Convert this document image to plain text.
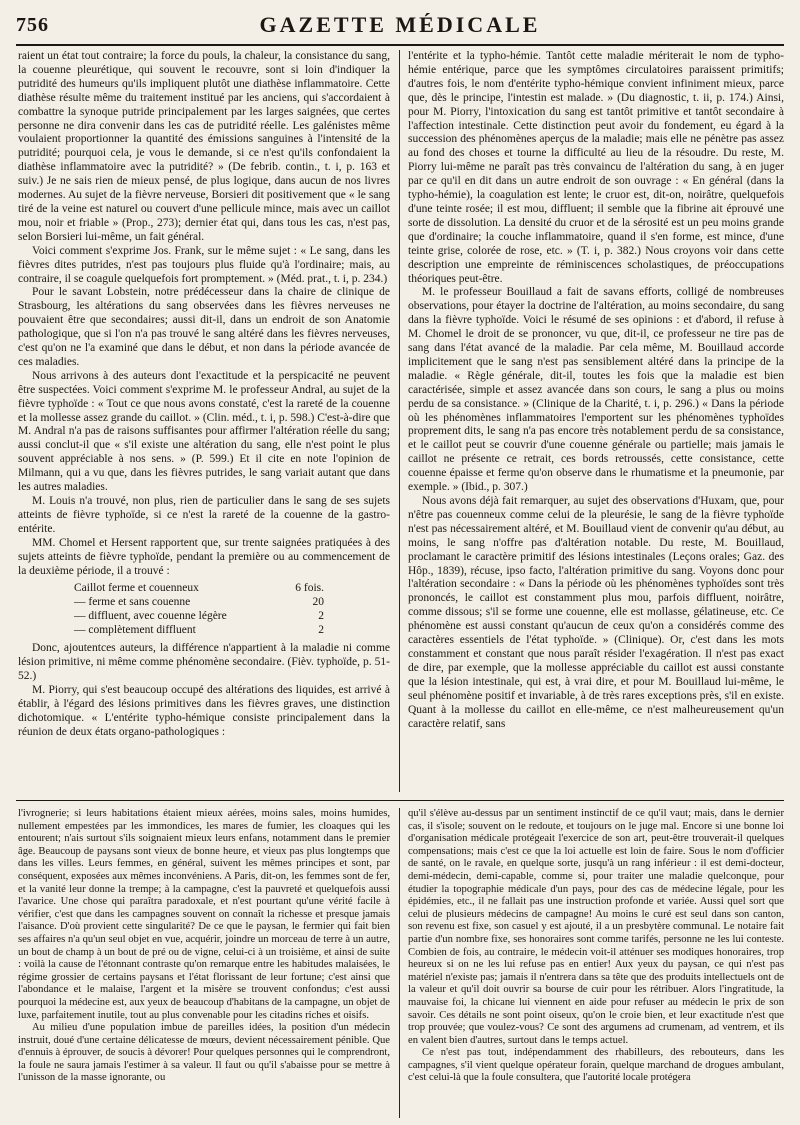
756	GAZETTE MÉDICALE

raient un état tout contraire; la force du pouls, la chaleur, la consistance du sang, la couenne pleurétique, qui souvent le recouvre, sont si loin d'indiquer la putridité des humeurs qu'ils impliquent plutôt une diathèse inflammatoire. Cette diathèse résulte même du traitement institué par les anciens, qui s'accordaient à combattre la synoque putride principalement par les larges saignées, que certes personne ne dira convenir dans les cas de putridité réelle. Les galénistes même voulaient proportionner la quantité des émissions sanguines à l'intensité de la putridité; pourquoi cela, je vous le demande, si ce n'est qu'ils confondaient la diathèse inflammatoire avec la putridité? » (De febrib. contin., t. i, p. 163 et suiv.) Je ne sais rien de mieux pensé, de plus logique, dans aucun de nos livres modernes. Au sujet de la fièvre nerveuse, Borsieri dit positivement que « le sang tiré de la veine est naturel ou couvert d'une pellicule mince, mais avec un caillot mou, noir et friable » (Prop., 273); dernier état qui, dans tous les cas, n'est pas, selon Borsieri lui-même, un fait général.

Voici comment s'exprime Jos. Frank, sur le même sujet : « Le sang, dans les fièvres dites putrides, n'est pas toujours plus fluide qu'à l'ordinaire; mais, au contraire, il se coagule quelquefois fort promptement. » (Méd. prat., t. i, p. 234.)

Pour le savant Lobstein, notre prédécesseur dans la chaire de clinique de Strasbourg, les altérations du sang observées dans les fièvres nerveuses ne pouvaient être que secondaires; aussi dit-il, dans un endroit de son Anatomie pathologique, que si l'on n'a pas trouvé le sang altéré dans les fièvres nerveuses, c'est qu'on ne l'a examiné que dans le début, et non dans la période avancée de ces maladies.

Nous arrivons à des auteurs dont l'exactitude et la perspicacité ne peuvent être suspectées. Voici comment s'exprime M. le professeur Andral, au sujet de la fièvre typhoïde : « Tout ce que nous avons constaté, c'est la rareté de la couenne et la mollesse assez grande du caillot. » (Clin. méd., t. i, p. 598.) C'est-à-dire que M. Andral n'a pas de raisons suffisantes pour affirmer l'altération réelle du sang; aussi conclut-il que « s'il existe une altération du sang, elle n'est point le plus souvent appréciable à nos sens. » (P. 599.) Et il cite en note l'opinion de Milmann, qui a vu que, dans les fièvres putrides, le sang variait autant que dans les autres maladies.

M. Louis n'a trouvé, non plus, rien de particulier dans le sang de ses sujets atteints de fièvre typhoïde, si ce n'est la rareté de la couenne de la gastro-entérite.

MM. Chomel et Hersent rapportent que, sur trente saignées pratiquées à des sujets atteints de fièvre typhoïde, pendant la première ou au commencement de la deuxième période, il a trouvé :

Caillot ferme et couenneux	6 fois.
— ferme et sans couenne	20
— diffluent, avec couenne légère	2
— complètement diffluent	2

Donc, ajoutentces auteurs, la différence n'appartient à la maladie ni comme lésion primitive, ni même comme phénomène secondaire. (Fièv. typhoïde, p. 51-52.)

M. Piorry, qui s'est beaucoup occupé des altérations des liquides, est arrivé à établir, à l'égard des lésions primitives dans les fièvres graves, une distinction dichotomique. « L'entérite typho-hémique consiste principalement dans la réunion de deux états organo-pathologiques :

l'entérite et la typho-hémie. Tantôt cette maladie mériterait le nom de typho-hémie entérique, parce que les symptômes circulatoires paraissent primitifs; d'autres fois, le nom d'entérite typho-hémique convient infiniment mieux, parce que, dès le principe, l'intestin est malade. » (Du diagnostic, t. ii, p. 174.) Ainsi, pour M. Piorry, l'intoxication du sang est tantôt primitive et tantôt secondaire à l'affection intestinale. Cette distinction peut avoir du fondement, eu égard à la succession des phénomènes aperçus de la maladie; mais elle ne pénètre pas assez au fond des choses et tourne la difficulté au lieu de la résoudre. Du reste, M. Piorry lui-même ne paraît pas très convaincu de l'altération du sang, à en juger par ce qu'il en dit dans un autre endroit de son ouvrage : « En général (dans la typho-hémie), la coagulation est lente; le cruor est, dit-on, noirâtre, quelquefois d'une teinte rosée; il est mou, diffluent; il semble que la fibrine ait éprouvé une sorte de dissolution. La densité du cruor et de la sérosité est un peu moins grande que d'ordinaire; la couche inflammatoire, quand il s'en forme, est mince, d'une teinte grise, colorée de rose, etc. » (T. i, p. 382.) Nous croyons voir dans cette description une empreinte de réminiscences scholastiques, de préoccupations théoriques peut-être.

M. le professeur Bouillaud a fait de savans efforts, colligé de nombreuses observations, pour étayer la doctrine de l'altération, au moins secondaire, du sang dans la fièvre typhoïde. Voici le résumé de ses opinions : et d'abord, il refuse à M. Chomel le droit de se prononcer, vu que, dit-il, ce professeur ne tire pas de sang dans l'état avancé de la maladie. Par cela même, M. Bouillaud accorde implicitement que le sang n'est pas sensiblement altéré dans la principe de la maladie. « Règle générale, dit-il, toutes les fois que la maladie est bien caractérisée, simple et assez avancée dans son cours, le sang a plus ou moins perdu de sa consistance. » (Clinique de la Charité, t. i, p. 296.) « Dans la période où les phénomènes inflammatoires l'emportent sur les phénomènes typhoïdes proprement dits, le sang n'a pas encore très notablement perdu de sa consistance, et le caillot peut se couvrir d'une couenne générale ou partielle; mais jamais le caillot ne présente ce retrait, ces bords retroussés, cette consistance, cette couenne épaisse et ferme qu'on observe dans le rhumatisme et la pneumonie, par exemple. » (Ibid., p. 307.)

Nous avons déjà fait remarquer, au sujet des observations d'Huxam, que, pour n'être pas couenneux comme celui de la pleurésie, le sang de la fièvre typhoïde n'est pas nécessairement altéré, et M. Bouillaud vient de convenir qu'au début, au moins, le sang n'offre pas d'altération notable. Du reste, M. Bouillaud, proclamant le caractère primitif des lésions intestinales (Leçons orales; Gaz. des Hôp., 1839), récuse, ipso facto, l'altération primitive du sang. Voyons donc pour l'altération secondaire : « Dans la période où les phénomènes typhoïdes sont très prononcés, le caillot est constamment plus mou, parfois diffluent, noirâtre, comme dissous; s'il se forme une couenne, elle est mollasse, gélatineuse, etc. Ce phénomène est aussi constant qu'aucun de ceux qu'on a considérés comme des caractères essentiels de l'état typhoïde. » (Clinique). Or, c'est dans les mots constamment et constant que nous paraît résider l'exagération. Il n'est pas exact de dire, par exemple, que la mollesse appréciable du caillot est aussi constante que la lésion intestinale, qui est, à vrai dire, et pour M. Bouillaud lui-même, le seul phénomène positif et invariable, à de très rares exceptions près, s'il en existe. Quant à la mollesse du caillot en elle-même, ce n'est malheureusement qu'un caractère relatif, sans

l'ivrognerie; si leurs habitations étaient mieux aérées, moins sales, moins humides, nullement empestées par les immondices, les mares de fumier, les cloaques qui les entourent; n'ais surtout s'ils soignaient mieux leurs enfans, notamment dans le premier âge. Beaucoup de paysans sont vieux de bonne heure, et vieux pas plus longtemps que dans les villes. Leurs femmes, en général, suivent les mêmes principes et sont, par conséquent, exposées aux mêmes inconvéniens. A Paris, dit-on, les femmes sont de fer, et la vanité leur donne la trempe; à la campagne, c'est la pauvreté et quelquefois aussi l'avarice. Une chose qui paraîtra paradoxale, et n'est pourtant qu'une vérité facile à vérifier, c'est que dans les campagnes souvent on connaît la richesse et presque jamais l'aisance. D'où provient cette singularité? De ce que le paysan, le fermier qui fait bien ses affaires n'a qu'un seul objet en vue, acquérir, joindre un morceau de terre à un autre, un bout de champ à un bout de pré ou de vigne, celui-ci à un troisième, et ainsi de suite : voilà la cause de l'étonnant contraste qu'on remarque entre les habitudes malaisées, le régime grossier de certains paysans et l'état florissant de leur fortune; c'est ainsi que l'abondance et le malaise, l'argent et la misère se trouvent confondus; c'est aussi pourquoi la médecine est, aux yeux de beaucoup d'habitans de la campagne, un objet de luxe, parfaitement inutile, tout au plus convenable pour les citadins riches et oisifs.

Au milieu d'une population imbue de pareilles idées, la position d'un médecin instruit, doué d'une certaine délicatesse de mœurs, devient nécessairement pénible. Que d'ennuis à éprouver, de soucis à dévorer! Pour quelques personnes qui le comprendront, la foule ne saura jamais l'estimer à sa valeur. Il faut ou qu'il s'abaisse pour se mettre à l'unisson de la masse ignorante, ou

qu'il s'élève au-dessus par un sentiment instinctif de ce qu'il vaut; mais, dans le dernier cas, il s'isole; souvent on le redoute, et toujours on le juge mal. Encore si une bonne loi d'organisation médicale protégeait l'exercice de son art, peut-être trouverait-il quelques compensations; mais c'est ce que la loi actuelle est loin de faire. Sous le nom d'officier de santé, on le ravale, en quelque sorte, jusqu'à un rang inférieur : il est demi-docteur, demi-médecin, demi-capable, comme si, pour traiter une maladie quelconque, pour étudier la topographie médicale d'un pays, pour des cas de médecine légale, pour les épidémies, etc., il ne fallait pas une instruction profonde et variée. Aussi quel sort que celui de plusieurs médecins de campagne! Au moins le curé est seul dans son canton, son revenu est fixe, son casuel y est ajouté, il a un presbytère communal. Le notaire fait partie d'un nombre fixe, ses honoraires sont comme tarifés, personne ne les lui conteste. Combien de fois, au contraire, le médecin voit-il atténuer ses modiques honoraires, trop heureux si on ne les lui refuse pas en entier! Aux yeux du paysan, ce qui n'est pas matériel n'existe pas; jamais il n'entrera dans sa tête que des produits intellectuels ont de la valeur et qu'il doit ouvrir sa bourse de cuir pour les rétribuer. Alors l'ingratitude, la mauvaise foi, la chicane lui viennent en aide pour refuser au médecin le prix de son savoir. Ces détails ne sont point oiseux, qu'on le croie bien, et leur exactitude n'est que trop prouvée; que voulez-vous? Ce sont des argumens ad crumenam, ad ventrem, et ils en valent bien d'autres, surtout dans le temps actuel.

Ce n'est pas tout, indépendamment des rhabilleurs, des rebouteurs, dans les campagnes, s'il vient quelque opérateur forain, quelque marchand de drogues ambulant, c'est celui-là que la foule consultera, que l'autorité locale protégera
